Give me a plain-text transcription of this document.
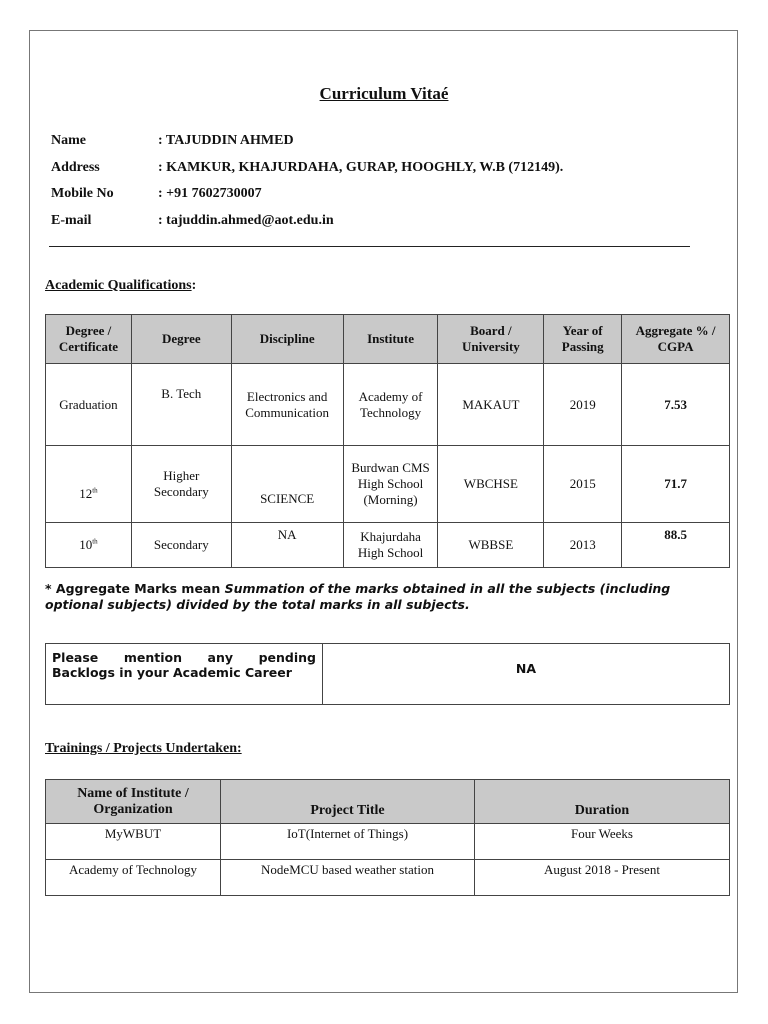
Curriculum Vitaé
Name	: TAJUDDIN AHMED
Address	: KAMKUR, KHAJURDAHA, GURAP, HOOGHLY, W.B (712149).
Mobile No	: +91 7602730007
E-mail	: tajuddin.ahmed@aot.edu.in
Academic Qualifications:
Degree / Certificate	Degree	Discipline	Institute	Board / University	Year of Passing	Aggregate % / CGPA
Graduation	B. Tech	Electronics and Communication	Academy of Technology	MAKAUT	2019	7.53
12th	Higher Secondary	SCIENCE	Burdwan CMS High School (Morning)	WBCHSE	2015	71.7
10th	Secondary	NA	Khajurdaha High School	WBBSE	2013	88.5
* Aggregate Marks mean Summation of the marks obtained in all the subjects (including optional subjects) divided by the total marks in all subjects.
Please mention any pending Backlogs in your Academic Career	NA
Trainings / Projects Undertaken:
Name of Institute / Organization	Project Title	Duration
MyWBUT	IoT(Internet of Things)	Four Weeks
Academy of Technology	NodeMCU based weather station	August 2018 - Present
